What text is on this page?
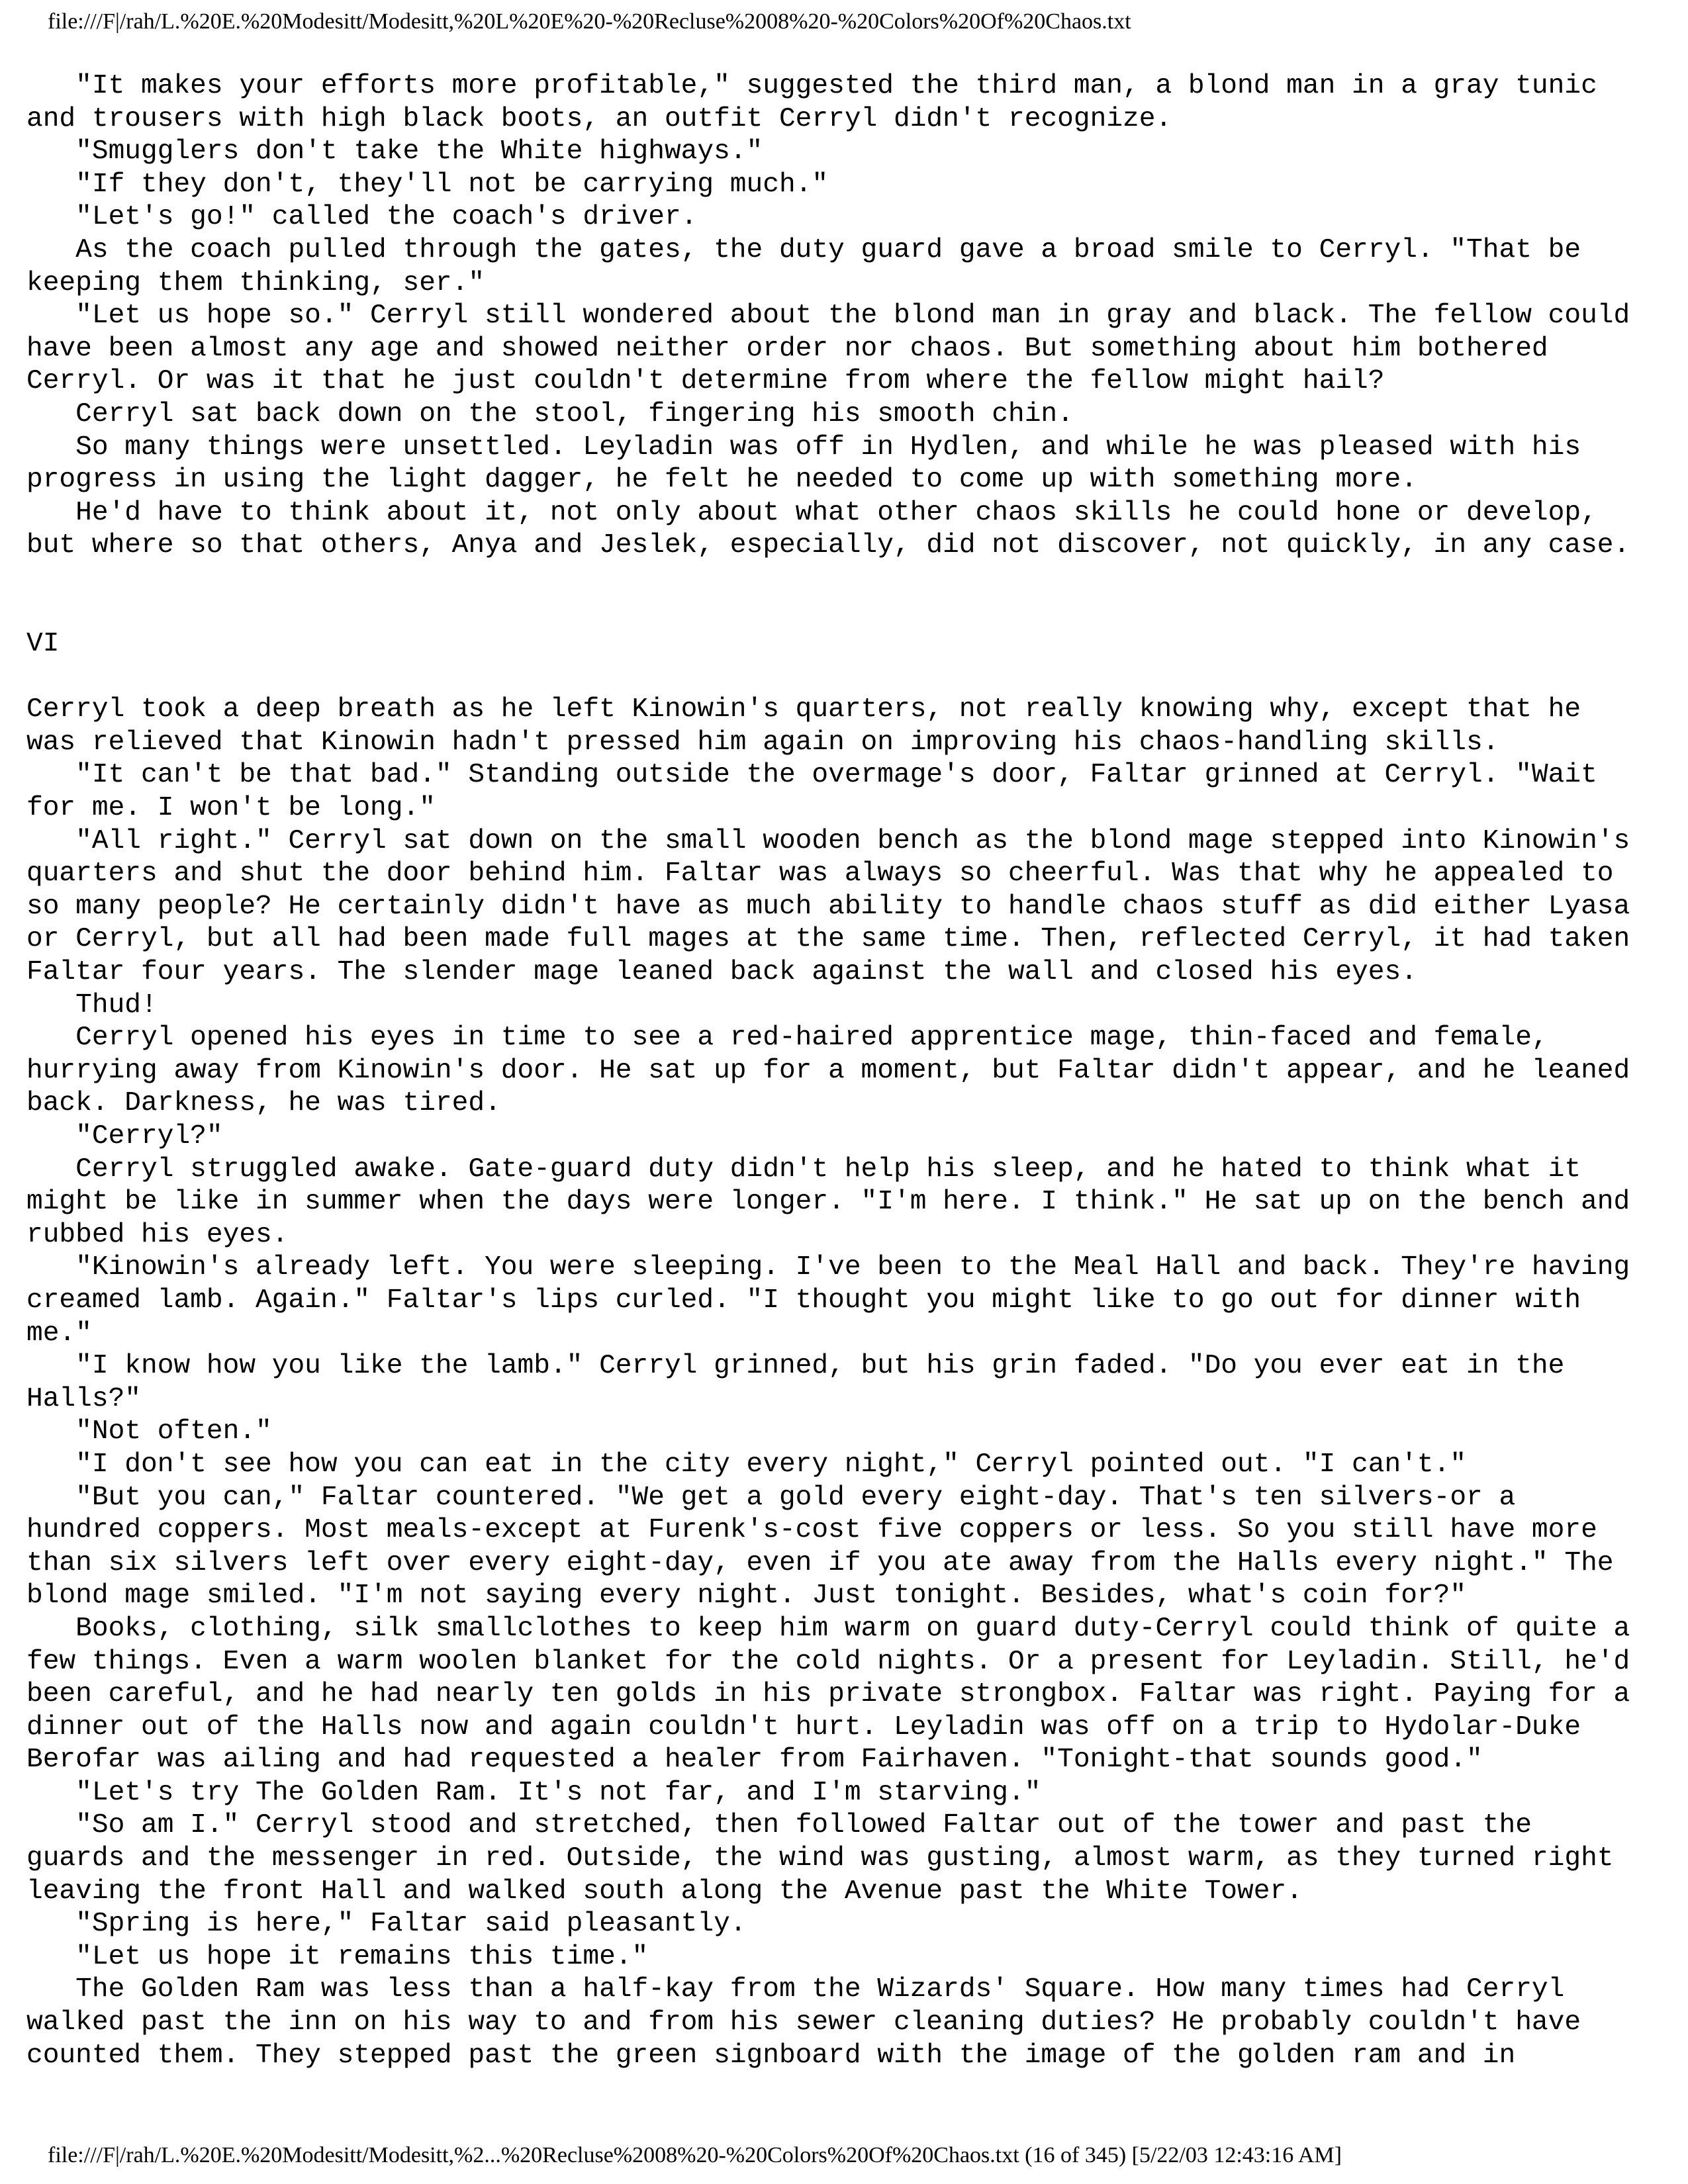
file:///F|/rah/L.%20E.%20Modesitt/Modesitt,%20L%20E%20-%20Recluse%2008%20-%20Colors%20Of%20Chaos.txt
"It makes your efforts more profitable," suggested the third man, a blond man in a gray tunic
and trousers with high black boots, an outfit Cerryl didn't recognize.
"Smugglers don't take the White highways."
"If they don't, they'll not be carrying much."
"Let's go!" called the coach's driver.
As the coach pulled through the gates, the duty guard gave a broad smile to Cerryl. "That be
keeping them thinking, ser."
"Let us hope so." Cerryl still wondered about the blond man in gray and black. The fellow could
have been almost any age and showed neither order nor chaos. But something about him bothered
Cerryl. Or was it that he just couldn't determine from where the fellow might hail?
Cerryl sat back down on the stool, fingering his smooth chin.
So many things were unsettled. Leyladin was off in Hydlen, and while he was pleased with his
progress in using the light dagger, he felt he needed to come up with something more.
He'd have to think about it, not only about what other chaos skills he could hone or develop,
but where so that others, Anya and Jeslek, especially, did not discover, not quickly, in any case.
VI
Cerryl took a deep breath as he left Kinowin's quarters, not really knowing why, except that he
was relieved that Kinowin hadn't pressed him again on improving his chaos-handling skills.
"It can't be that bad." Standing outside the overmage's door, Faltar grinned at Cerryl. "Wait
for me. I won't be long."
"All right." Cerryl sat down on the small wooden bench as the blond mage stepped into Kinowin's
quarters and shut the door behind him. Faltar was always so cheerful. Was that why he appealed to
so many people? He certainly didn't have as much ability to handle chaos stuff as did either Lyasa
or Cerryl, but all had been made full mages at the same time. Then, reflected Cerryl, it had taken
Faltar four years. The slender mage leaned back against the wall and closed his eyes.
Thud!
Cerryl opened his eyes in time to see a red-haired apprentice mage, thin-faced and female,
hurrying away from Kinowin's door. He sat up for a moment, but Faltar didn't appear, and he leaned
back. Darkness, he was tired.
"Cerryl?"
Cerryl struggled awake. Gate-guard duty didn't help his sleep, and he hated to think what it
might be like in summer when the days were longer. "I'm here. I think." He sat up on the bench and
rubbed his eyes.
"Kinowin's already left. You were sleeping. I've been to the Meal Hall and back. They're having
creamed lamb. Again." Faltar's lips curled. "I thought you might like to go out for dinner with
me."
"I know how you like the lamb." Cerryl grinned, but his grin faded. "Do you ever eat in the
Halls?"
"Not often."
"I don't see how you can eat in the city every night," Cerryl pointed out. "I can't."
"But you can," Faltar countered. "We get a gold every eight-day. That's ten silvers-or a
hundred coppers. Most meals-except at Furenk's-cost five coppers or less. So you still have more
than six silvers left over every eight-day, even if you ate away from the Halls every night." The
blond mage smiled. "I'm not saying every night. Just tonight. Besides, what's coin for?"
Books, clothing, silk smallclothes to keep him warm on guard duty-Cerryl could think of quite a
few things. Even a warm woolen blanket for the cold nights. Or a present for Leyladin. Still, he'd
been careful, and he had nearly ten golds in his private strongbox. Faltar was right. Paying for a
dinner out of the Halls now and again couldn't hurt. Leyladin was off on a trip to Hydolar-Duke
Berofar was ailing and had requested a healer from Fairhaven. "Tonight-that sounds good."
"Let's try The Golden Ram. It's not far, and I'm starving."
"So am I." Cerryl stood and stretched, then followed Faltar out of the tower and past the
guards and the messenger in red. Outside, the wind was gusting, almost warm, as they turned right
leaving the front Hall and walked south along the Avenue past the White Tower.
"Spring is here," Faltar said pleasantly.
"Let us hope it remains this time."
The Golden Ram was less than a half-kay from the Wizards' Square. How many times had Cerryl
walked past the inn on his way to and from his sewer cleaning duties? He probably couldn't have
counted them. They stepped past the green signboard with the image of the golden ram and in
file:///F|/rah/L.%20E.%20Modesitt/Modesitt,%2...%20Recluse%2008%20-%20Colors%20Of%20Chaos.txt (16 of 345) [5/22/03 12:43:16 AM]
